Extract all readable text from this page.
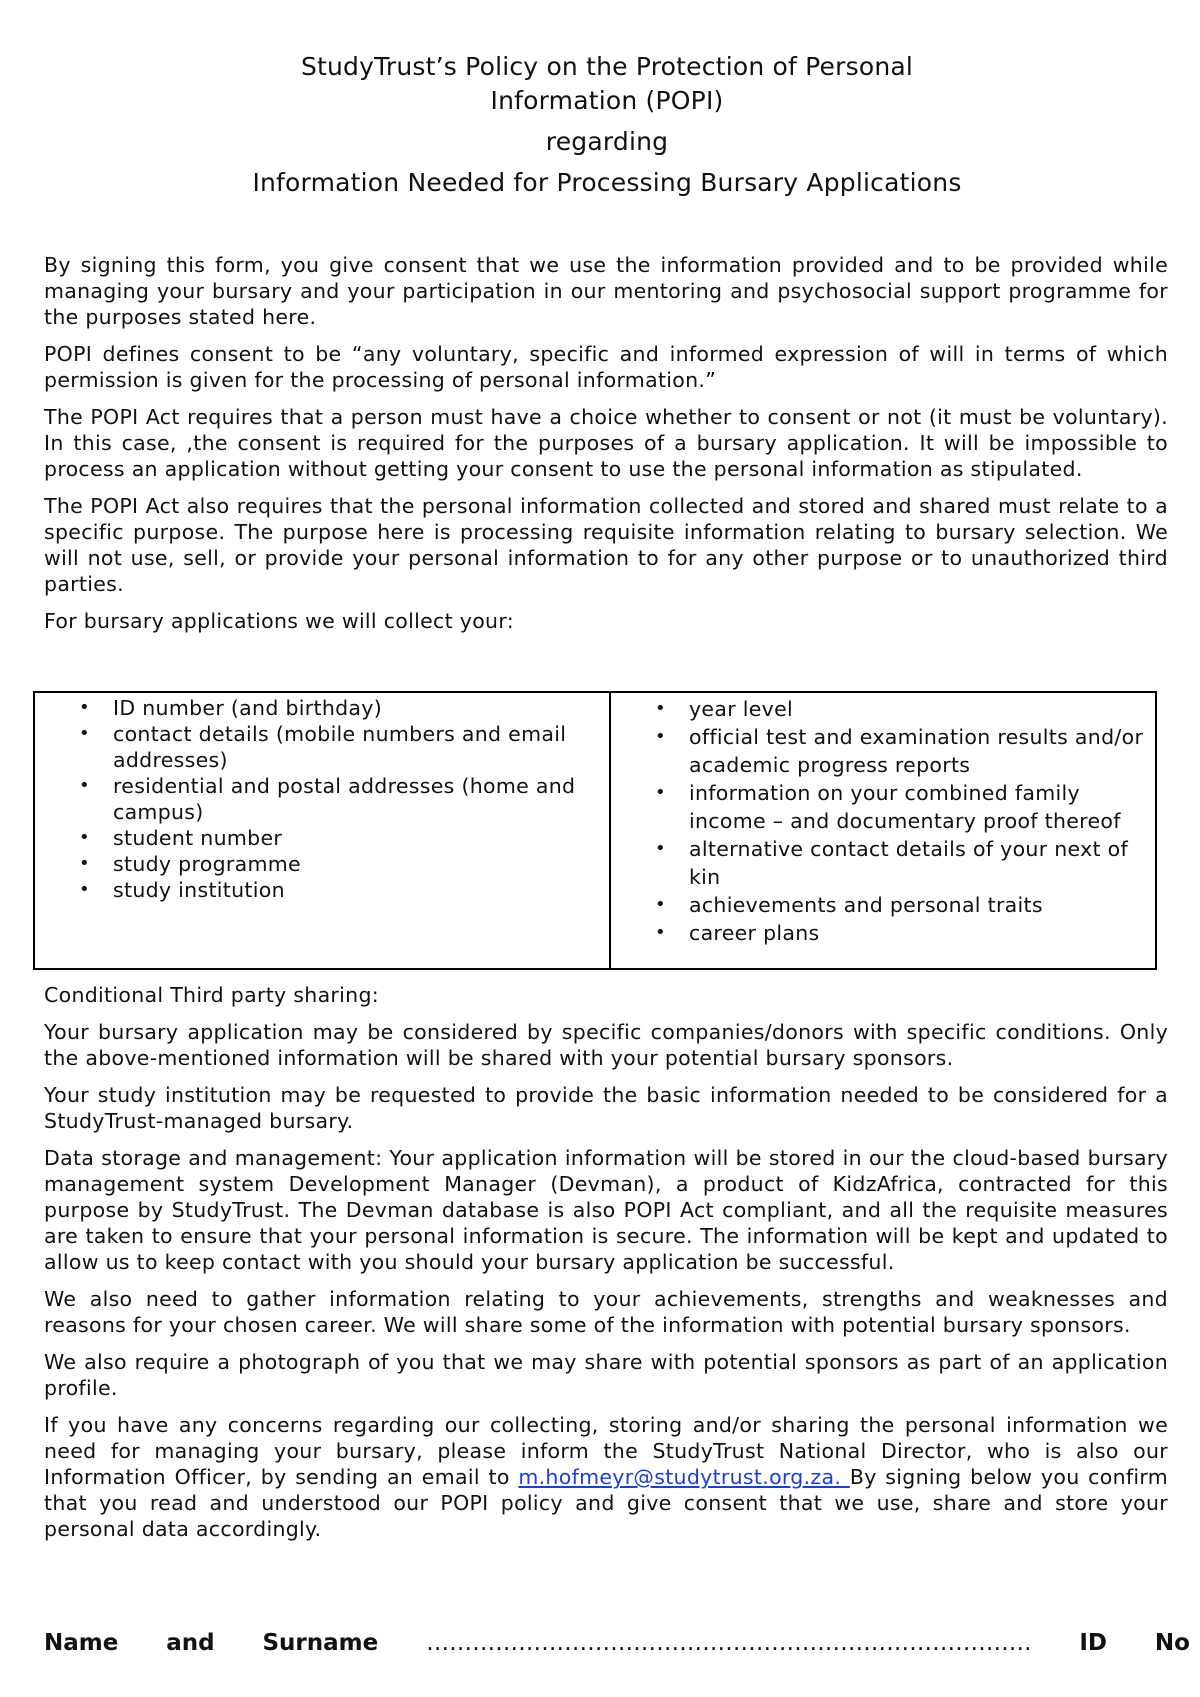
StudyTrust’s Policy on the Protection of Personal
Information (POPI)
regarding
Information Needed for Processing Bursary Applications

By signing this form, you give consent that we use the information provided and to be provided while managing your bursary and your participation in our mentoring and psychosocial support programme for the purposes stated here.

POPI defines consent to be “any voluntary, specific and informed expression of will in terms of which permission is given for the processing of personal information.”

The POPI Act requires that a person must have a choice whether to consent or not (it must be voluntary). In this case, ,the consent is required for the purposes of a bursary application. It will be impossible to process an application without getting your consent to use the personal information as stipulated.

The POPI Act also requires that the personal information collected and stored and shared must relate to a specific purpose. The purpose here is processing requisite information relating to bursary selection. We will not use, sell, or provide your personal information to for any other purpose or to unauthorized third parties.

For bursary applications we will collect your:

• ID number (and birthday)
• contact details (mobile numbers and email addresses)
• residential and postal addresses (home and campus)
• student number
• study programme
• study institution
• year level
• official test and examination results and/or academic progress reports
• information on your combined family income – and documentary proof thereof
• alternative contact details of your next of kin
• achievements and personal traits
• career plans

Conditional Third party sharing:

Your bursary application may be considered by specific companies/donors with specific conditions. Only the above-mentioned information will be shared with your potential bursary sponsors.

Your study institution may be requested to provide the basic information needed to be considered for a StudyTrust-managed bursary.

Data storage and management: Your application information will be stored in our the cloud-based bursary management system Development Manager (Devman), a product of KidzAfrica, contracted for this purpose by StudyTrust. The Devman database is also POPI Act compliant, and all the requisite measures are taken to ensure that your personal information is secure. The information will be kept and updated to allow us to keep contact with you should your bursary application be successful.

We also need to gather information relating to your achievements, strengths and weaknesses and reasons for your chosen career. We will share some of the information with potential bursary sponsors.

We also require a photograph of you that we may share with potential sponsors as part of an application profile.

If you have any concerns regarding our collecting, storing and/or sharing the personal information we need for managing your bursary, please inform the StudyTrust National Director, who is also our Information Officer, by sending an email to m.hofmeyr@studytrust.org.za. By signing below you confirm that you read and understood our POPI policy and give consent that we use, share and store your personal data accordingly.

Name and Surname ……………………………………………………………………. ID No
